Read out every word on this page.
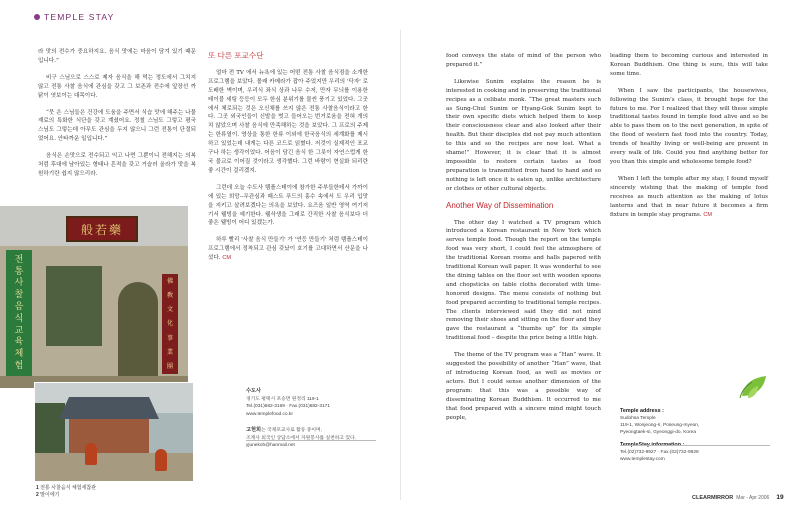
TEMPLE STAY

라 맛의 전수가 중요하지요. 음식 맛에는 마음이 담겨 있기 때문입니다.”

비구 스님으로 스스로 제자 음식을 해 먹는 정도에서 그치지 않고 전통 사찰 음식에 관심을 갖고 그 보존과 전수에 앞장선 까닭이 엿보이는 대목이다.

“뭇 은 스님들은 건강에 도움을 주면서 식습 맛에 해주는 나물재료의 특화한 식단을 갖고 계셨어요. 정철 스님도 그렇고 평국 스님도 그렇는데 아무도 관심을 두지 않으니 그런 전통이 단절되었어요. 안타까운 일입니다.”

음식은 손맛으로 전수되고 익고 나면 그뿐이니 전해지는 의복처럼 후대에 남아있는 형태나 흔적을 갖고 거슬러 올라가 맛을 복원하기란 쉽지 않으리라.

般若藥
전
통
사
찰
음
식
교
육
체
험
佛
敎
文
化
事
業
團
1 전통 사찰음식 체험세찮관
2 말이에기
또 다른 포교수단

얼마 전 TV 에서 뉴욕에 있는 어떤 전통 사찰 음식점을 소개한 프로그램을 보았다. 몰래 카메라가 잡아 주었지만 우리의 '닥자' 로 도배한 벽이며, 우리식 좌식 상과 나무 수저, 만자 무늬를 이용한 테이블 세팅 등등이 모두 한심 분위기를 물씬 풍기고 있었다. 그곳에서 체로되는 것은 오신채를 쓰지 않은 전통 사찰음식이라고 한다. 그곳 외국인들이 신발을 벗고 들어오는 번거로움을 전혀 개의치 않았으며 사찰 음식에 만족해하는 것을 보았다. 그 프로의 주제는 한류열이. 영상을 통한 한류 이외에 한국음식의 세계화를 제시하고 있었는데 내게는 다른 코드로 읽혔다. 저것이 실제적인 포교구나 하는 생각이었다. 어음이 담긴 음식 한 그릇이 자연스럽게 한국 불교로 이어질 것이라고 생각했다. 그런 바람이 현실화 되리란 좋 시간이 걸리겠지.

그런데 오늘 수도사 템플스테이에 참가한 주부들한테서 가까이에 있는 희망--무관심과 패스트 푸드의 홍수 속에서 도 우리 입맛을 지키고 살려보겠다는 의욕을 보았다. 요즈음 일반 영역 여기저기서 웰빙을 예기한다. 웰삭생을 그래로 간직한 사찰 음식보다 더 좋은 웰빙이 어디 있겠는가.

하루 빨리 '사찰 음식 만들기' 가 '연등 만들기' 처럼 템플스테이 프로그램에서 정착되고 관심 갖났이 호기를 고대하면서 산문을 나섰다. CM

수도사
경기도 평택시 포승면 원정리 119-1
Tel.(031)682-3169 · Fax.(031)682-3171
www.templefood.co.kr
고현희는 국제포교사로 활동 중이며,
조계사 외국인 상담소에서 자원봉사를 실천하고 있다.
yjunekoh@hanmail.net

food conveys the state of mind of the person who prepared it.”

Likewise Sunim explains the reason he is interested in cooking and in preserving the traditional recipes as a celibate monk. “The great masters such as Sung-Chul Sunim or Hyang-Gok Sunim kept to their own specific diets which helped them to keep their consciousness clear and also looked after their health. But their disciples did not pay much attention to this and so the recipes are now lost. What a shame!” However, it is clear that it is almost impossible to restore certain tastes as food preparation is transmitted from hand to hand and so nothing is left once it is eaten up, unlike architecture or clothes or other cultural objects.

Another Way of Dissemination

The other day I watched a TV program which introduced a Korean restaurant in New York which serves temple food. Though the report on the temple food was very short, I could feel the atmosphere of the traditional Korean rooms and halls papered with traditional Korean wall paper. It was wonderful to see the dining tables on the floor set with wooden spoons and chopsticks on table cloths decorated with time-honored designs. The menu consists of nothing but food prepared according to traditional temple recipes. The clients interviewed said they did not mind removing their shoes and sitting on the floor and they gave the restaurant a “thumbs up” for its simple traditional food – despite the price being a little high.

The theme of the TV program was a “Han” wave. It suggested the possibility of another “Han” wave, that of introducing Korean food, as well as movies or actors. But I could sense another dimension of the program: that this was a possible way of disseminating Korean Buddhism. It occurred to me that food prepared with a sincere mind might touch people,

leading them to becoming curious and interested in Korean Buddhism. One thing is sure, this will take some time.

When I saw the participants, the housewives, following the Sunim’s class, it brought hope for the future to me. For I realized that they will these simple traditional tastes found in temple food alive and so be able to pass them on to the next generation, in spite of the flood of western fast food into the country. Today, trends of healthy living or well-being are present in every walk of life. Could you find anything better for you than this simple and wholesome temple food?

When I left the temple after my stay, I found myself sincerely wishing that the making of temple food receives as much attention as the making of lotus lanterns and that in near future it becomes a firm fixture in temple stay programs. CM

Temple address :
Sudohsa Temple
119-1, Wonjeong-ri, Poseung-myeon,
Pyeongtaek-si, Gyeonggi-do, Korea
Tel.(02)732-9927 · Fax.(02)732-9928
www.templestay.com
CLEARMIRROR Mar - Apr 2006 19
